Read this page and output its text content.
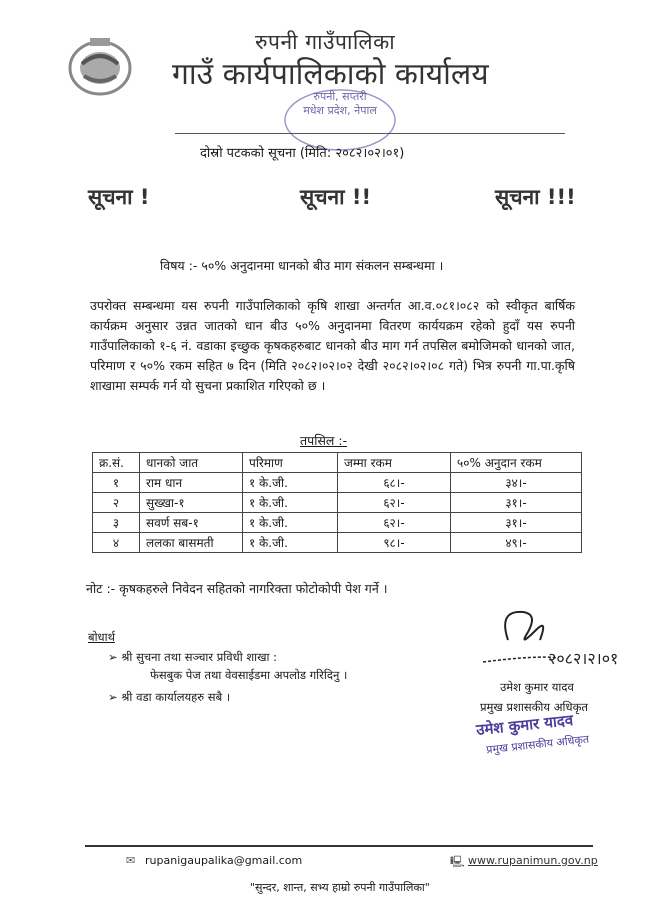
रुपनी गाउँपालिका
गाउँ कार्यपालिकाको कार्यालय
रुपनी, सप्तरी
मधेश प्रदेश, नेपाल
दोस्रो पटकको सूचना (मिति: २०८२।०२।०१)
सूचना !	सूचना !!	सूचना !!!
विषय :- ५०% अनुदानमा धानको बीउ माग संकलन सम्बन्धमा ।
उपरोक्त सम्बन्धमा यस रुपनी गाउँपालिकाको कृषि शाखा अन्तर्गत आ.व.०८१।०८२ को स्वीकृत बार्षिक कार्यक्रम अनुसार उन्नत जातको धान बीउ ५०% अनुदानमा वितरण कार्ययक्रम रहेको हुदाँ यस रुपनी गाउँपालिकाको १-६ नं. वडाका इच्छुक कृषकहरुबाट धानको बीउ माग गर्न तपसिल बमोजिमको धानको जात, परिमाण र ५०% रकम सहित ७ दिन (मिति २०८२।०२।०२ देखी २०८२।०२।०८ गते) भित्र रुपनी गा.पा.कृषि शाखामा सम्पर्क गर्न यो सुचना प्रकाशित गरिएको छ ।
तपसिल :-
क्र.सं.	धानको जात	परिमाण	जम्मा रकम	५०% अनुदान रकम
१	राम धान	१ के.जी.	६८।-	३४।-
२	सुख्खा-१	१ के.जी.	६२।-	३१।-
३	सवर्ण सब-१	१ के.जी.	६२।-	३१।-
४	ललका बासमती	१ के.जी.	९८।-	४९।-
नोट :- कृषकहरुले निवेदन सहितको नागरिक्ता फोटोकोपी पेश गर्ने ।
बोधार्थ
➢ श्री सुचना तथा सञ्चार प्रविधी शाखा :
फेसबुक पेज तथा वेवसाईडमा अपलोड गरिदिनु ।
➢ श्री वडा कार्यालयहरु सबै ।
२०८२।२।०१
उमेश कुमार यादव
प्रमुख प्रशासकीय अधिकृत
उमेश कुमार यादव
प्रमुख प्रशासकीय अधिकृत
✉ rupanigaupalika@gmail.com	🖳 www.rupanimun.gov.np
"सुन्दर, शान्त, सभ्य हाम्रो रुपनी गाउँपालिका"
